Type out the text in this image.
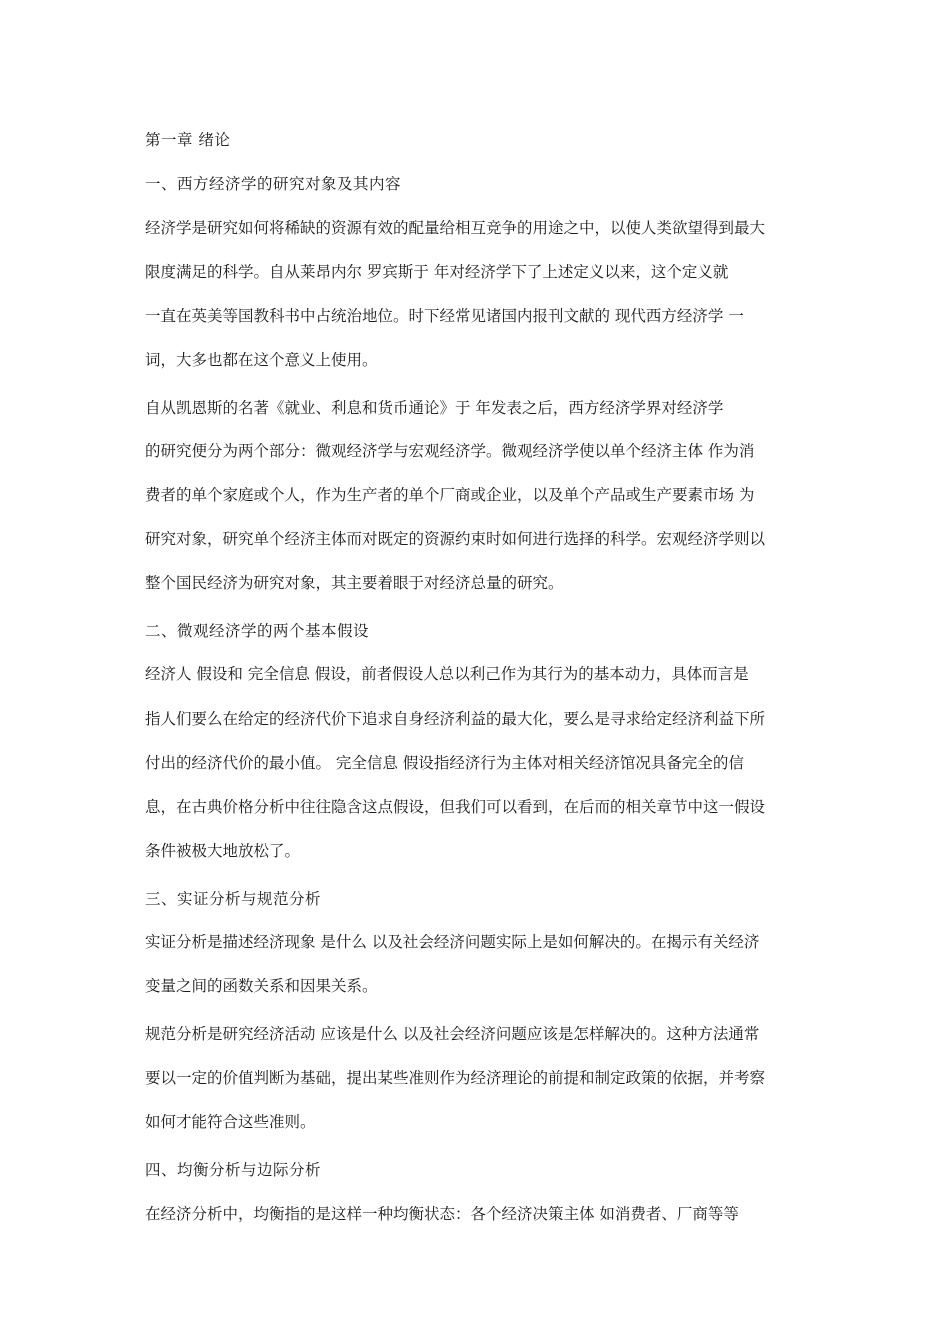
第一章 绪论
一、西方经济学的研究对象及其内容
经济学是研究如何将稀缺的资源有效的配量给相互竞争的用途之中，以使人类欲望得到最大
限度满足的科学。自从莱昂内尔 罗宾斯于 年对经济学下了上述定义以来，这个定义就
一直在英美等国教科书中占统治地位。时下经常见诸国内报刊文献的 现代西方经济学 一
词，大多也都在这个意义上使用。
自从凯恩斯的名著《就业、利息和货币通论》于 年发表之后，西方经济学界对经济学
的研究便分为两个部分：微观经济学与宏观经济学。微观经济学使以单个经济主体 作为消
费者的单个家庭或个人，作为生产者的单个厂商或企业，以及单个产品或生产要素市场 为
研究对象，研究单个经济主体而对既定的资源约束时如何进行选择的科学。宏观经济学则以
整个国民经济为研究对象，其主要着眼于对经济总量的研究。
二、微观经济学的两个基本假设
经济人 假设和 完全信息 假设，前者假设人总以利己作为其行为的基本动力，具体而言是
指人们要么在给定的经济代价下追求自身经济利益的最大化，要么是寻求给定经济利益下所
付出的经济代价的最小值。 完全信息 假设指经济行为主体对相关经济馆况具备完全的信
息，在古典价格分析中往往隐含这点假设，但我们可以看到，在后而的相关章节中这一假设
条件被极大地放松了。
三、实证分析与规范分析
实证分析是描述经济现象 是什么 以及社会经济问题实际上是如何解决的。在揭示有关经济
变量之间的函数关系和因果关系。
规范分析是研究经济活动 应该是什么 以及社会经济问题应该是怎样解决的。这种方法通常
要以一定的价值判断为基础，提出某些准则作为经济理论的前提和制定政策的依据，并考察
如何才能符合这些准则。
四、均衡分析与边际分析
在经济分析中，均衡指的是这样一种均衡状态：各个经济决策主体 如消费者、厂商等等
